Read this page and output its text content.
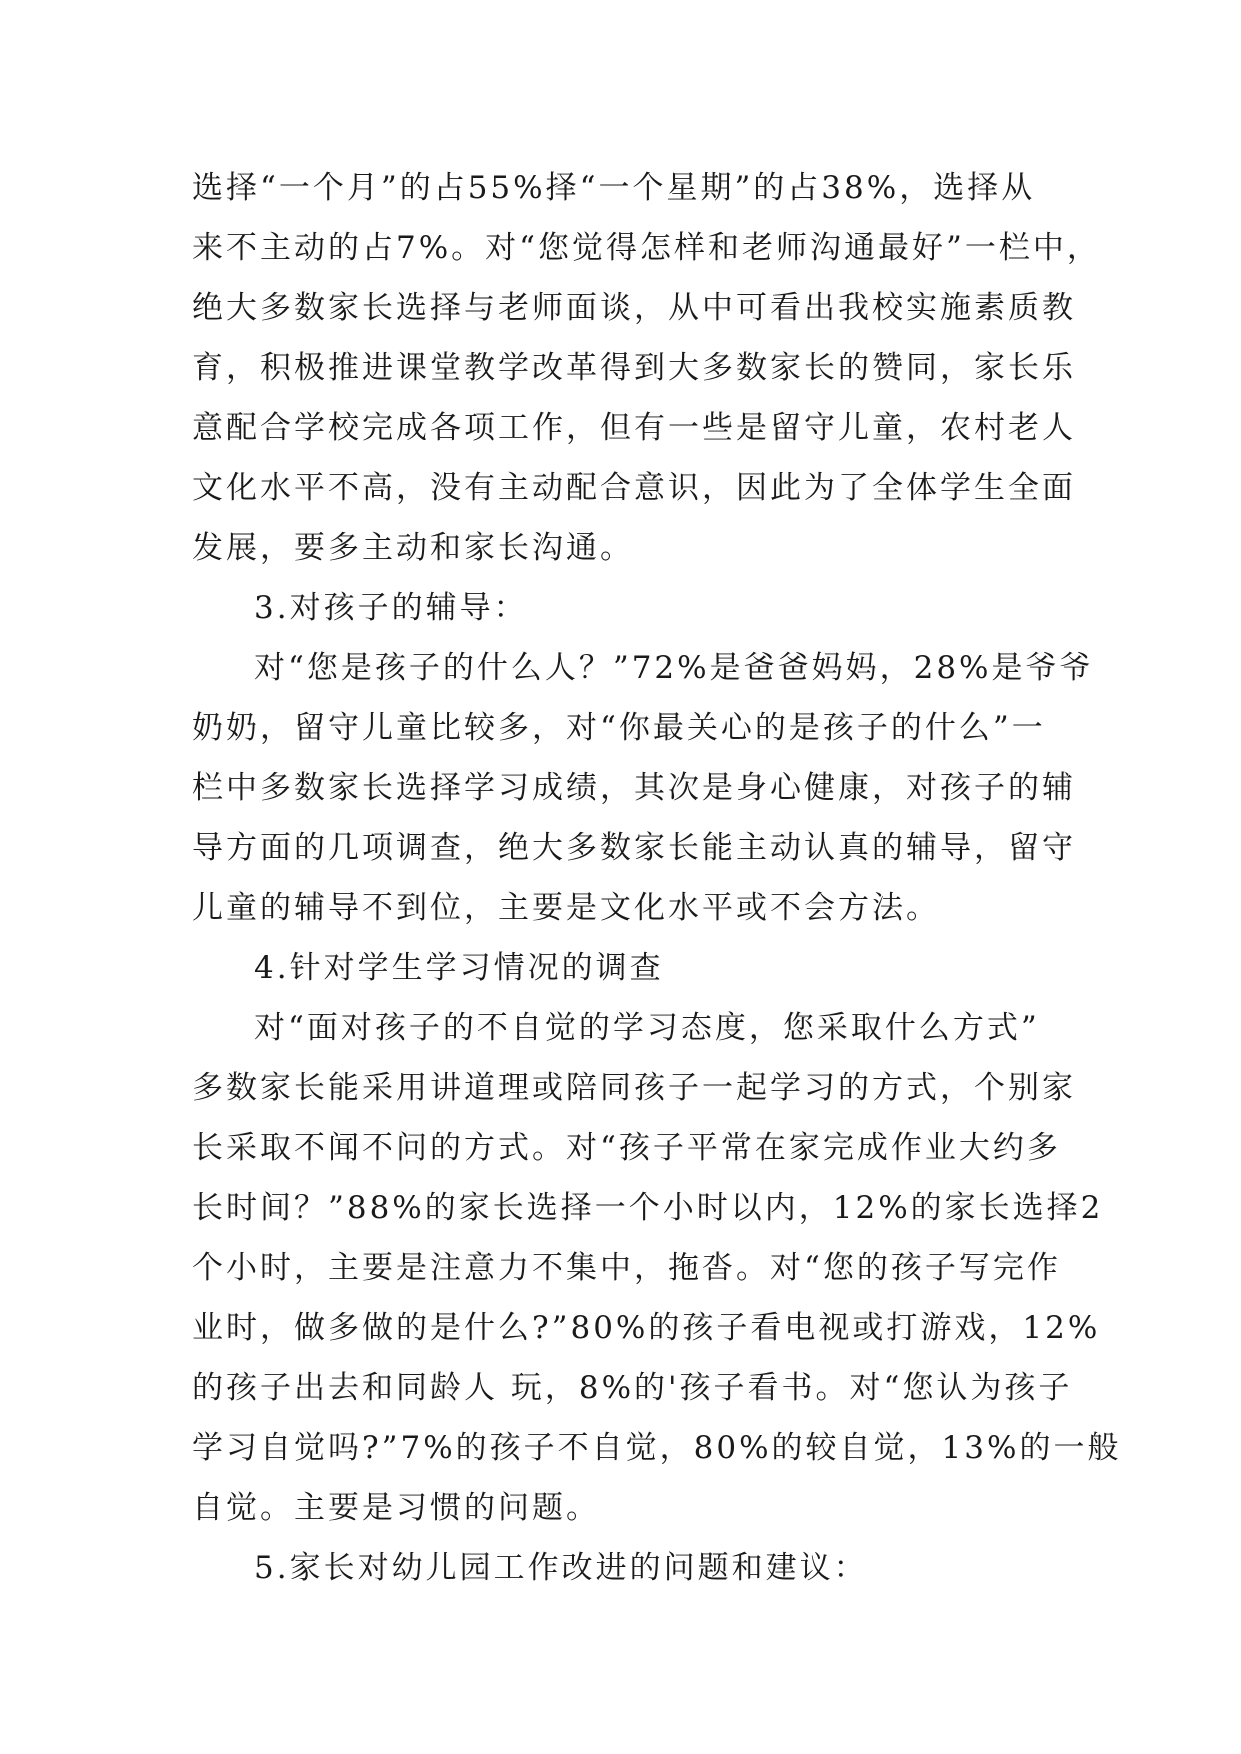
选择“一个月”的占55%择“一个星期”的占38%，选择从
来不主动的占7%。对“您觉得怎样和老师沟通最好”一栏中，
绝大多数家长选择与老师面谈，从中可看出我校实施素质教
育，积极推进课堂教学改革得到大多数家长的赞同，家长乐
意配合学校完成各项工作，但有一些是留守儿童，农村老人
文化水平不高，没有主动配合意识，因此为了全体学生全面
发展，要多主动和家长沟通。
3.对孩子的辅导：
对“您是孩子的什么人？”72%是爸爸妈妈，28%是爷爷
奶奶，留守儿童比较多，对“你最关心的是孩子的什么”一
栏中多数家长选择学习成绩，其次是身心健康，对孩子的辅
导方面的几项调查，绝大多数家长能主动认真的辅导，留守
儿童的辅导不到位，主要是文化水平或不会方法。
4.针对学生学习情况的调查
对“面对孩子的不自觉的学习态度，您采取什么方式”
多数家长能采用讲道理或陪同孩子一起学习的方式，个别家
长采取不闻不问的方式。对“孩子平常在家完成作业大约多
长时间？”88%的家长选择一个小时以内，12%的家长选择2
个小时，主要是注意力不集中，拖沓。对“您的孩子写完作
业时，做多做的是什么?”80%的孩子看电视或打游戏，12%
的孩子出去和同龄人 玩，8%的'孩子看书。对“您认为孩子
学习自觉吗?”7%的孩子不自觉，80%的较自觉，13%的一般
自觉。主要是习惯的问题。
5.家长对幼儿园工作改进的问题和建议：
